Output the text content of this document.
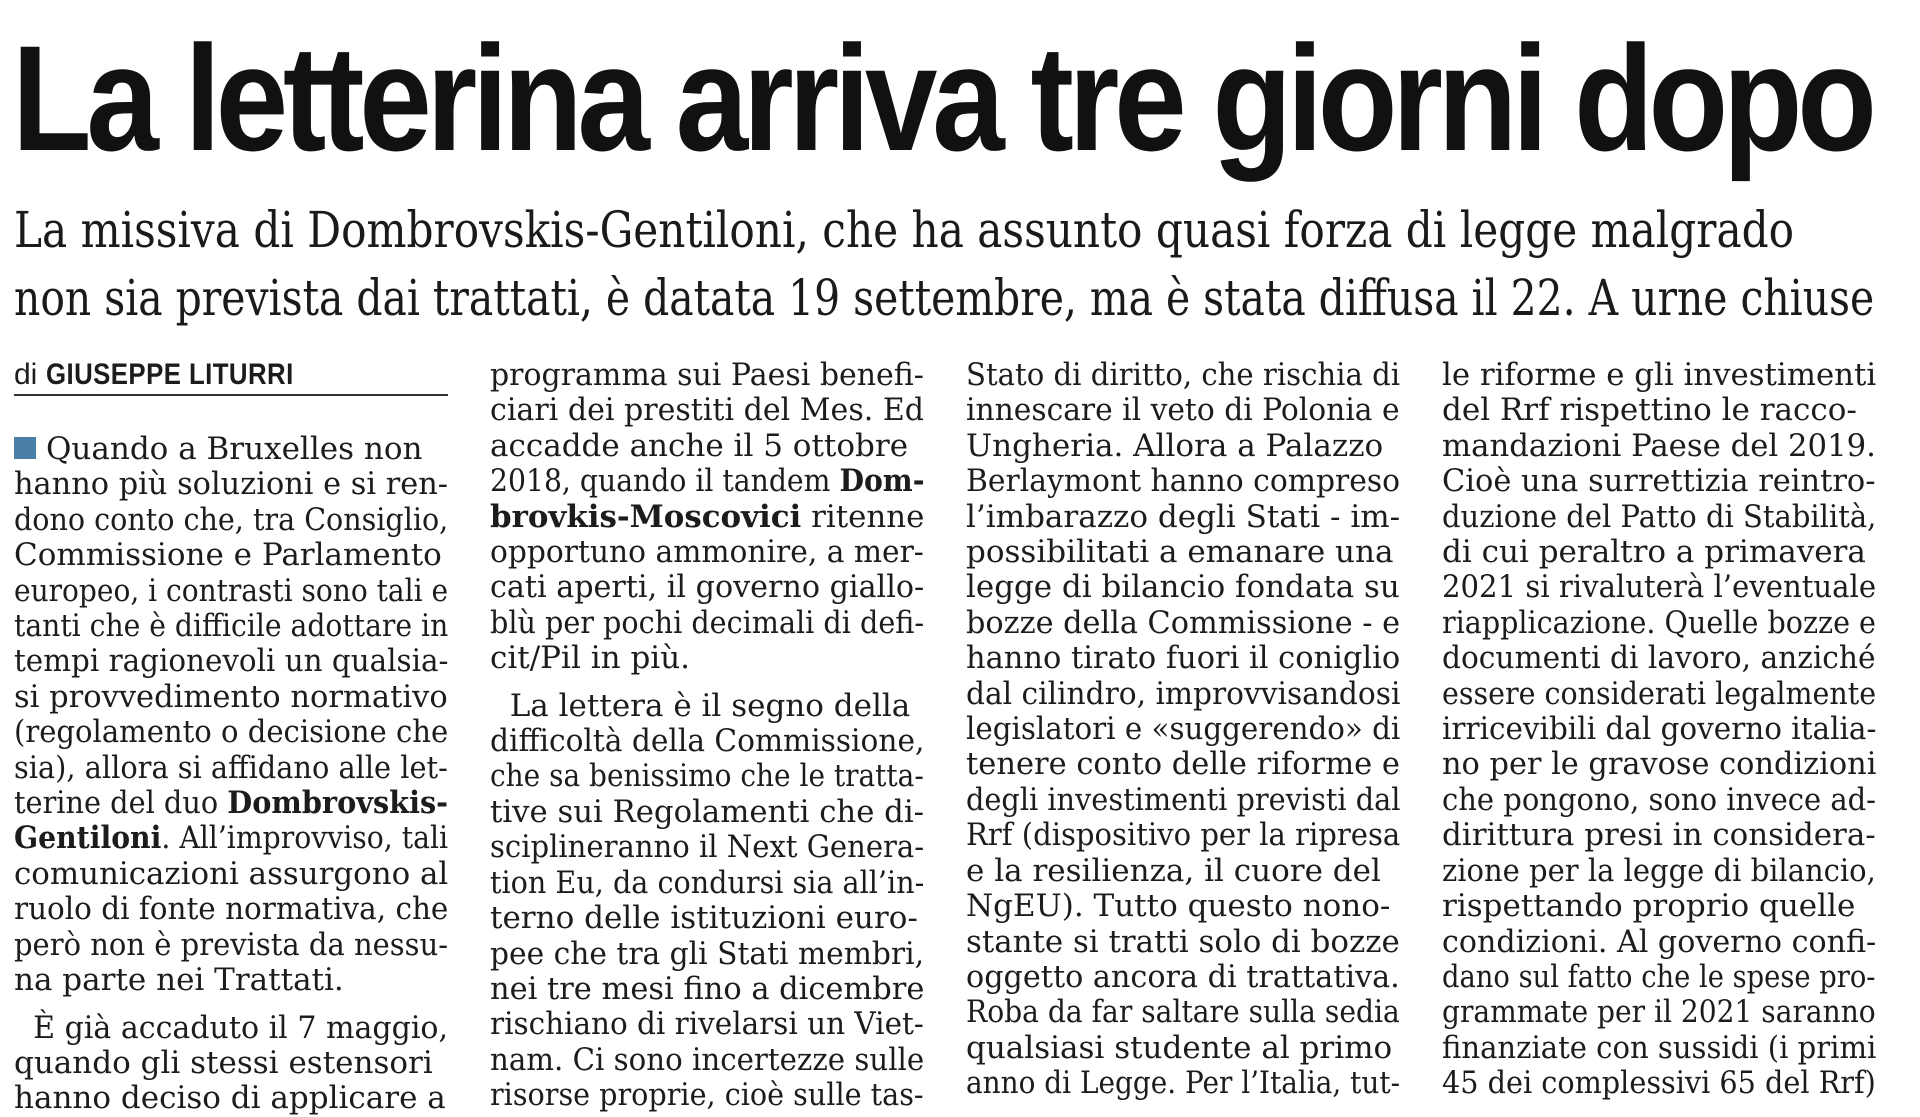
La letterina arriva tre giorni dopo
La missiva di Dombrovskis-Gentiloni, che ha assunto quasi forza di legge malgrado
non sia prevista dai trattati, è datata 19 settembre, ma è stata diffusa il 22. A urne chiuse
di GIUSEPPE LITURRI
Quando a Bruxelles non
hanno più soluzioni e si ren-
dono conto che, tra Consiglio,
Commissione e Parlamento
europeo, i contrasti sono tali e
tanti che è difficile adottare in
tempi ragionevoli un qualsia-
si provvedimento normativo
(regolamento o decisione che
sia), allora si affidano alle let-
terine del duo Dombrovskis-
Gentiloni. All’improvviso, tali
comunicazioni assurgono al
ruolo di fonte normativa, che
però non è prevista da nessu-
na parte nei Trattati.
È già accaduto il 7 maggio,
quando gli stessi estensori
hanno deciso di applicare a
programma sui Paesi benefi-
ciari dei prestiti del Mes. Ed
accadde anche il 5 ottobre
2018, quando il tandem Dom-
brovkis-Moscovici ritenne
opportuno ammonire, a mer-
cati aperti, il governo giallo-
blù per pochi decimali di defi-
cit/Pil in più.
La lettera è il segno della
difficoltà della Commissione,
che sa benissimo che le tratta-
tive sui Regolamenti che di-
sciplineranno il Next Genera-
tion Eu, da condursi sia all’in-
terno delle istituzioni euro-
pee che tra gli Stati membri,
nei tre mesi fino a dicembre
rischiano di rivelarsi un Viet-
nam. Ci sono incertezze sulle
risorse proprie, cioè sulle tas-
Stato di diritto, che rischia di
innescare il veto di Polonia e
Ungheria. Allora a Palazzo
Berlaymont hanno compreso
l’imbarazzo degli Stati - im-
possibilitati a emanare una
legge di bilancio fondata su
bozze della Commissione - e
hanno tirato fuori il coniglio
dal cilindro, improvvisandosi
legislatori e «suggerendo» di
tenere conto delle riforme e
degli investimenti previsti dal
Rrf (dispositivo per la ripresa
e la resilienza, il cuore del
NgEU). Tutto questo nono-
stante si tratti solo di bozze
oggetto ancora di trattativa.
Roba da far saltare sulla sedia
qualsiasi studente al primo
anno di Legge. Per l’Italia, tut-
le riforme e gli investimenti
del Rrf rispettino le racco-
mandazioni Paese del 2019.
Cioè una surrettizia reintro-
duzione del Patto di Stabilità,
di cui peraltro a primavera
2021 si rivaluterà l’eventuale
riapplicazione. Quelle bozze e
documenti di lavoro, anziché
essere considerati legalmente
irricevibili dal governo italia-
no per le gravose condizioni
che pongono, sono invece ad-
dirittura presi in considera-
zione per la legge di bilancio,
rispettando proprio quelle
condizioni. Al governo confi-
dano sul fatto che le spese pro-
grammate per il 2021 saranno
finanziate con sussidi (i primi
45 dei complessivi 65 del Rrf)
